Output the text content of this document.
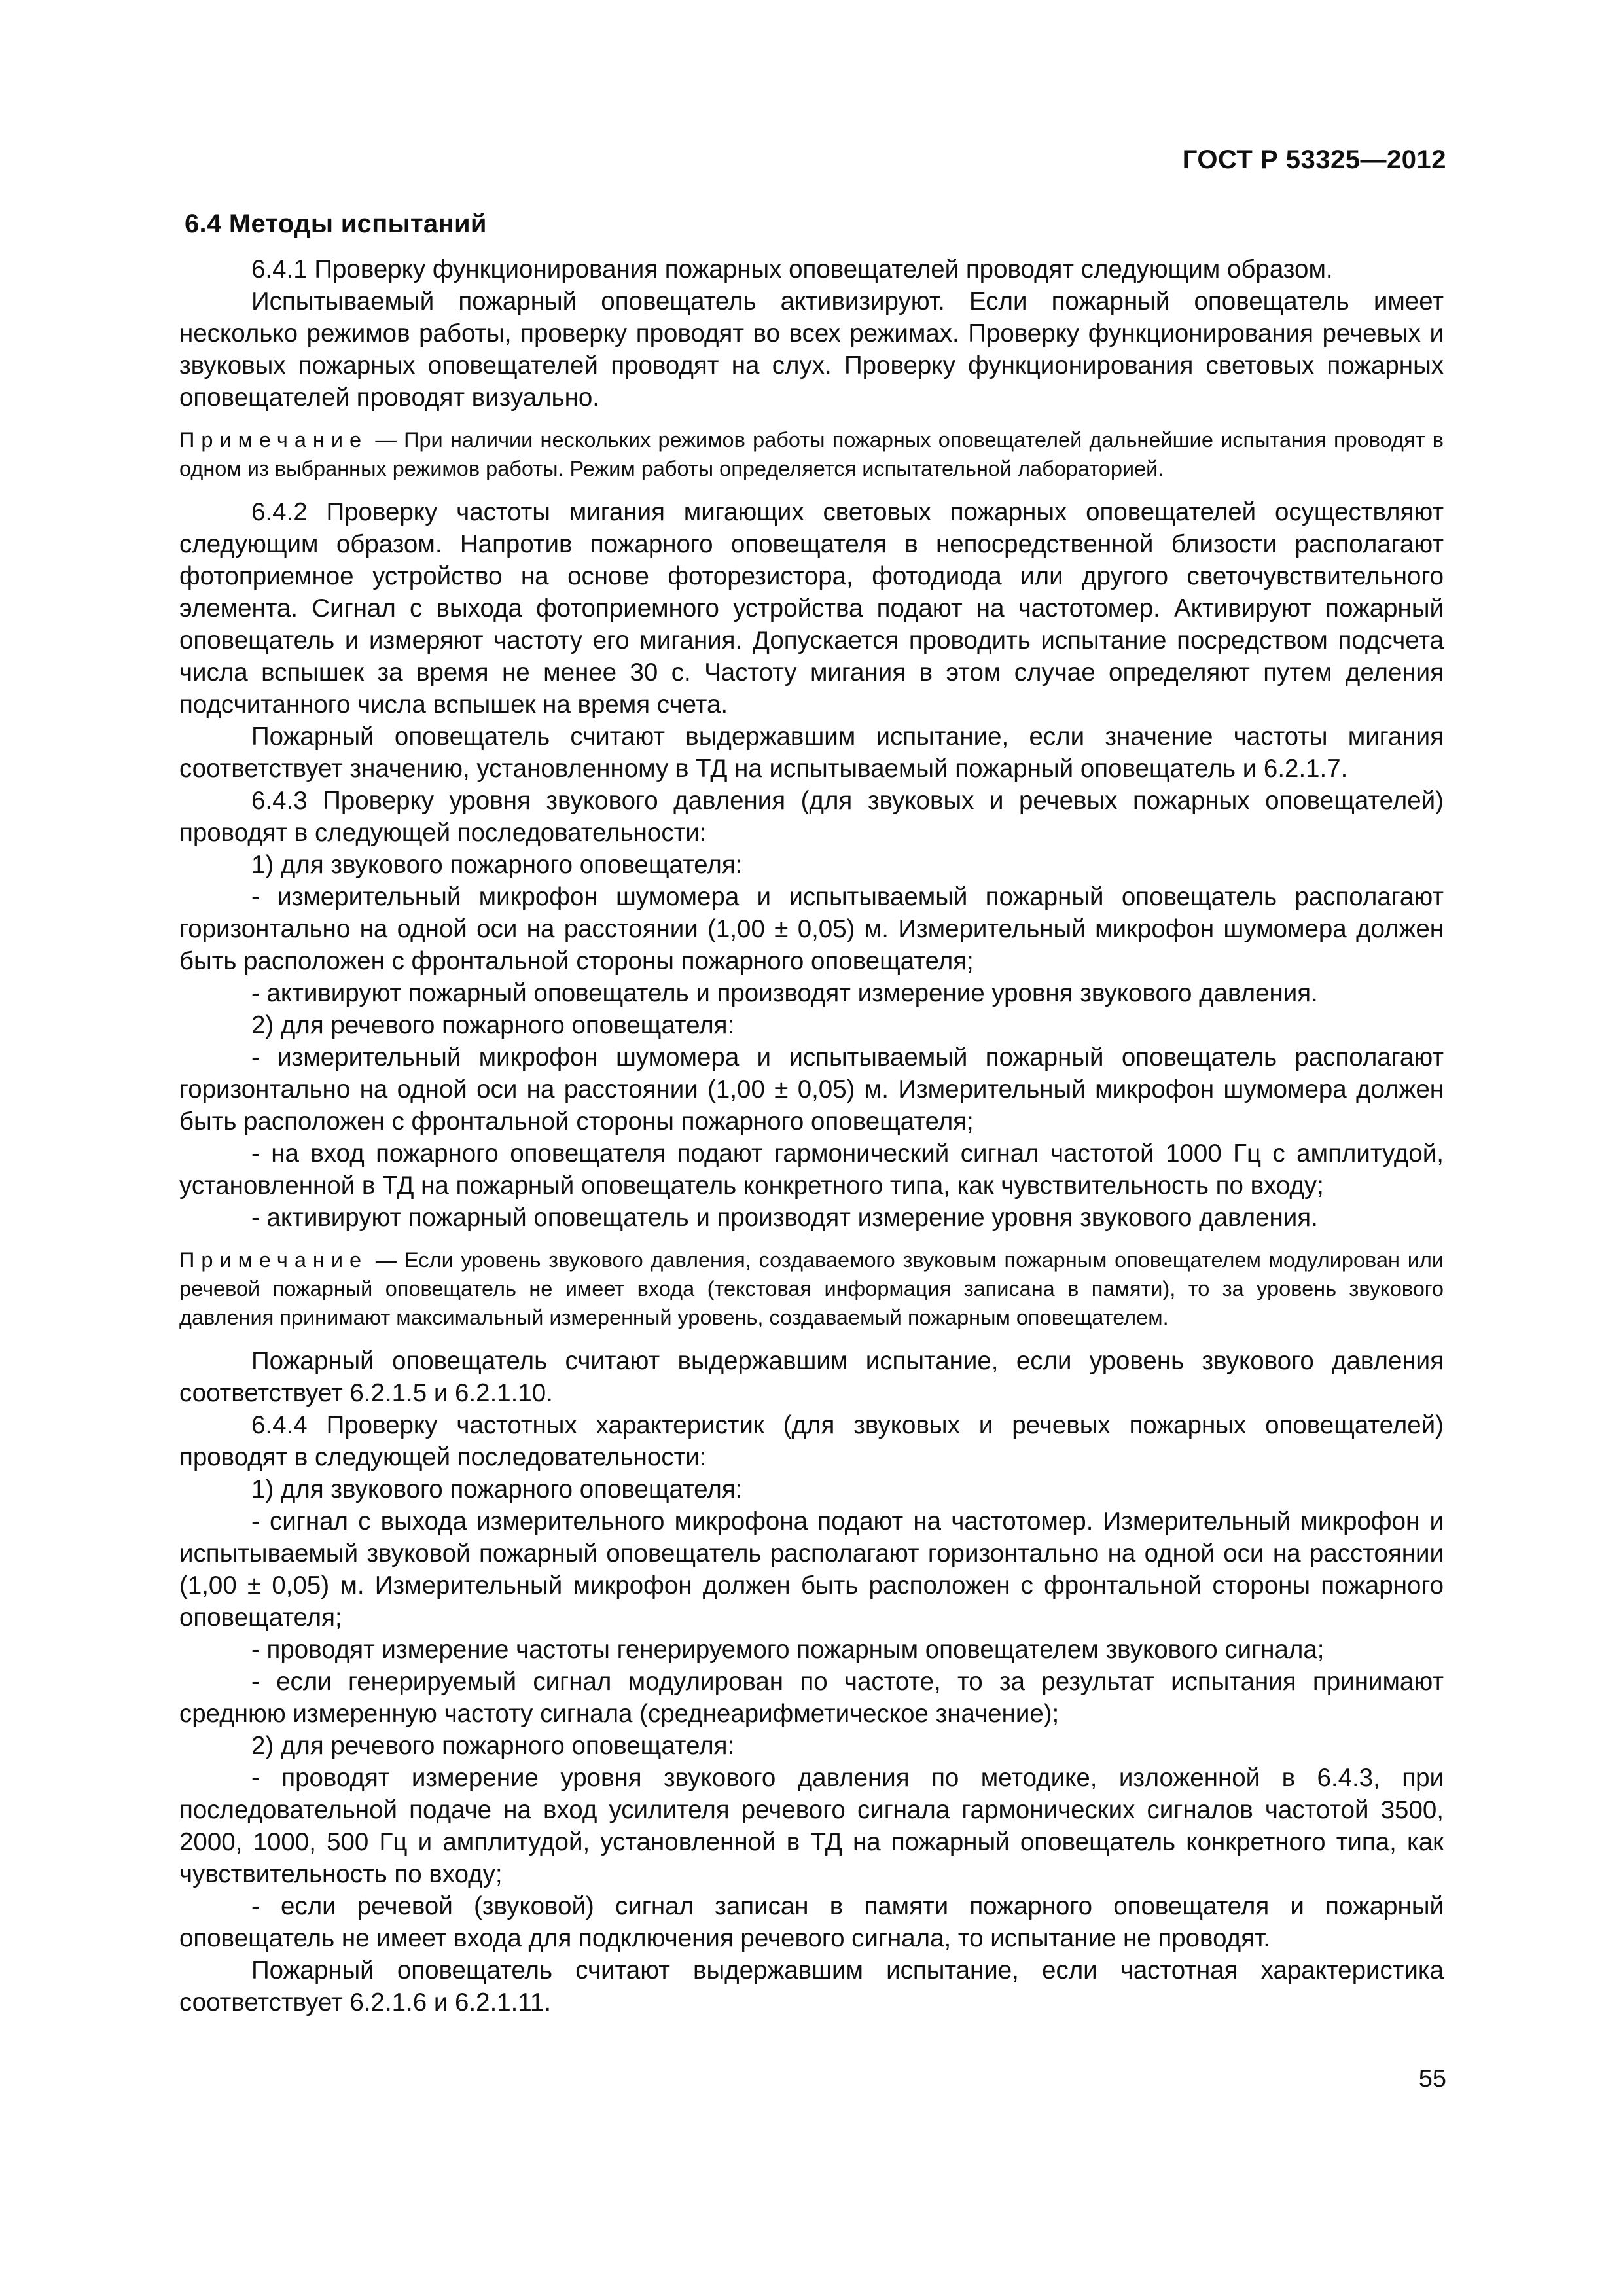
ГОСТ Р 53325—2012
6.4 Методы испытаний

6.4.1 Проверку функционирования пожарных оповещателей проводят следующим образом.

Испытываемый пожарный оповещатель активизируют. Если пожарный оповещатель имеет несколько режимов работы, проверку проводят во всех режимах. Проверку функционирования речевых и звуковых пожарных оповещателей проводят на слух. Проверку функционирования световых пожарных оповещателей проводят визуально.

Примечание — При наличии нескольких режимов работы пожарных оповещателей дальнейшие испытания проводят в одном из выбранных режимов работы. Режим работы определяется испытательной лабораторией.

6.4.2 Проверку частоты мигания мигающих световых пожарных оповещателей осуществляют следующим образом. Напротив пожарного оповещателя в непосредственной близости располагают фотоприемное устройство на основе фоторезистора, фотодиода или другого светочувствительного элемента. Сигнал с выхода фотоприемного устройства подают на частотомер. Активируют пожарный оповещатель и измеряют частоту его мигания. Допускается проводить испытание посредством подсчета числа вспышек за время не менее 30 с. Частоту мигания в этом случае определяют путем деления подсчитанного числа вспышек на время счета.

Пожарный оповещатель считают выдержавшим испытание, если значение частоты мигания соответствует значению, установленному в ТД на испытываемый пожарный оповещатель и 6.2.1.7.

6.4.3 Проверку уровня звукового давления (для звуковых и речевых пожарных оповещателей) проводят в следующей последовательности:

1) для звукового пожарного оповещателя:

- измерительный микрофон шумомера и испытываемый пожарный оповещатель располагают горизонтально на одной оси на расстоянии (1,00 ± 0,05) м. Измерительный микрофон шумомера должен быть расположен с фронтальной стороны пожарного оповещателя;

- активируют пожарный оповещатель и производят измерение уровня звукового давления.

2) для речевого пожарного оповещателя:

- измерительный микрофон шумомера и испытываемый пожарный оповещатель располагают горизонтально на одной оси на расстоянии (1,00 ± 0,05) м. Измерительный микрофон шумомера должен быть расположен с фронтальной стороны пожарного оповещателя;

- на вход пожарного оповещателя подают гармонический сигнал частотой 1000 Гц с амплитудой, установленной в ТД на пожарный оповещатель конкретного типа, как чувствительность по входу;

- активируют пожарный оповещатель и производят измерение уровня звукового давления.

Примечание — Если уровень звукового давления, создаваемого звуковым пожарным оповещателем модулирован или речевой пожарный оповещатель не имеет входа (текстовая информация записана в памяти), то за уровень звукового давления принимают максимальный измеренный уровень, создаваемый пожарным оповещателем.

Пожарный оповещатель считают выдержавшим испытание, если уровень звукового давления соответствует 6.2.1.5 и 6.2.1.10.

6.4.4 Проверку частотных характеристик (для звуковых и речевых пожарных оповещателей) проводят в следующей последовательности:

1) для звукового пожарного оповещателя:

- сигнал с выхода измерительного микрофона подают на частотомер. Измерительный микрофон и испытываемый звуковой пожарный оповещатель располагают горизонтально на одной оси на расстоянии (1,00 ± 0,05) м. Измерительный микрофон должен быть расположен с фронтальной стороны пожарного оповещателя;

- проводят измерение частоты генерируемого пожарным оповещателем звукового сигнала;

- если генерируемый сигнал модулирован по частоте, то за результат испытания принимают среднюю измеренную частоту сигнала (среднеарифметическое значение);

2) для речевого пожарного оповещателя:

- проводят измерение уровня звукового давления по методике, изложенной в 6.4.3, при последовательной подаче на вход усилителя речевого сигнала гармонических сигналов частотой 3500, 2000, 1000, 500 Гц и амплитудой, установленной в ТД на пожарный оповещатель конкретного типа, как чувствительность по входу;

- если речевой (звуковой) сигнал записан в памяти пожарного оповещателя и пожарный оповещатель не имеет входа для подключения речевого сигнала, то испытание не проводят.

Пожарный оповещатель считают выдержавшим испытание, если частотная характеристика соответствует 6.2.1.6 и 6.2.1.11.

55
